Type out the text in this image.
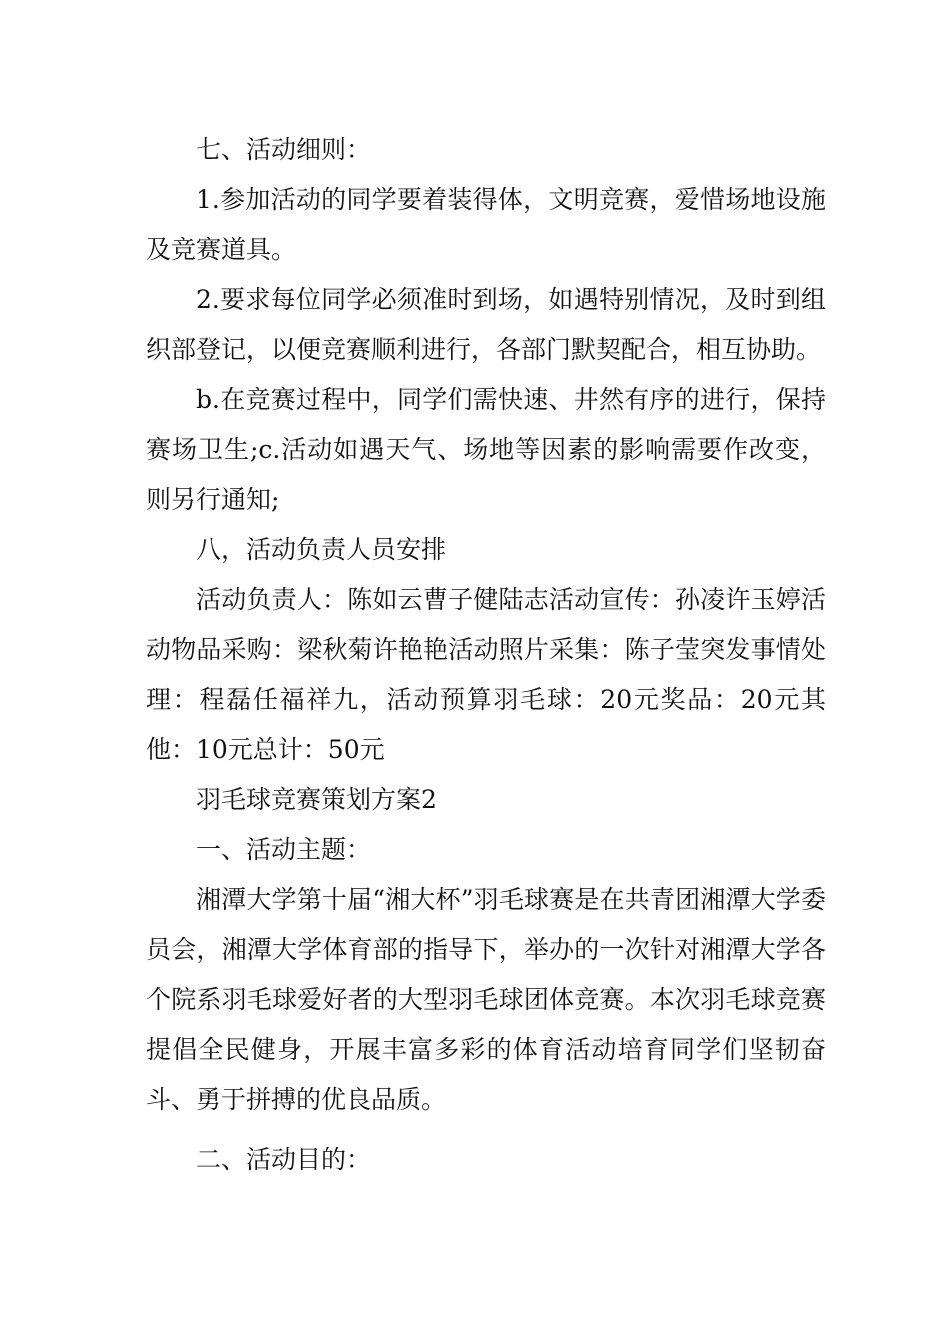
七、活动细则：

1.参加活动的同学要着装得体，文明竞赛，爱惜场地设施及竞赛道具。

2.要求每位同学必须准时到场，如遇特别情况，及时到组织部登记，以便竞赛顺利进行，各部门默契配合，相互协助。

b.在竞赛过程中，同学们需快速、井然有序的进行，保持赛场卫生;c.活动如遇天气、场地等因素的影响需要作改变，则另行通知;

八，活动负责人员安排

活动负责人：陈如云曹子健陆志活动宣传：孙凌许玉婷活动物品采购：梁秋菊许艳艳活动照片采集：陈子莹突发事情处理：程磊任福祥九，活动预算羽毛球：20元奖品：20元其他：10元总计：50元

羽毛球竞赛策划方案2

一、活动主题：

湘潭大学第十届“湘大杯”羽毛球赛是在共青团湘潭大学委员会，湘潭大学体育部的指导下，举办的一次针对湘潭大学各个院系羽毛球爱好者的大型羽毛球团体竞赛。本次羽毛球竞赛提倡全民健身，开展丰富多彩的体育活动培育同学们坚韧奋斗、勇于拼搏的优良品质。

二、活动目的：
